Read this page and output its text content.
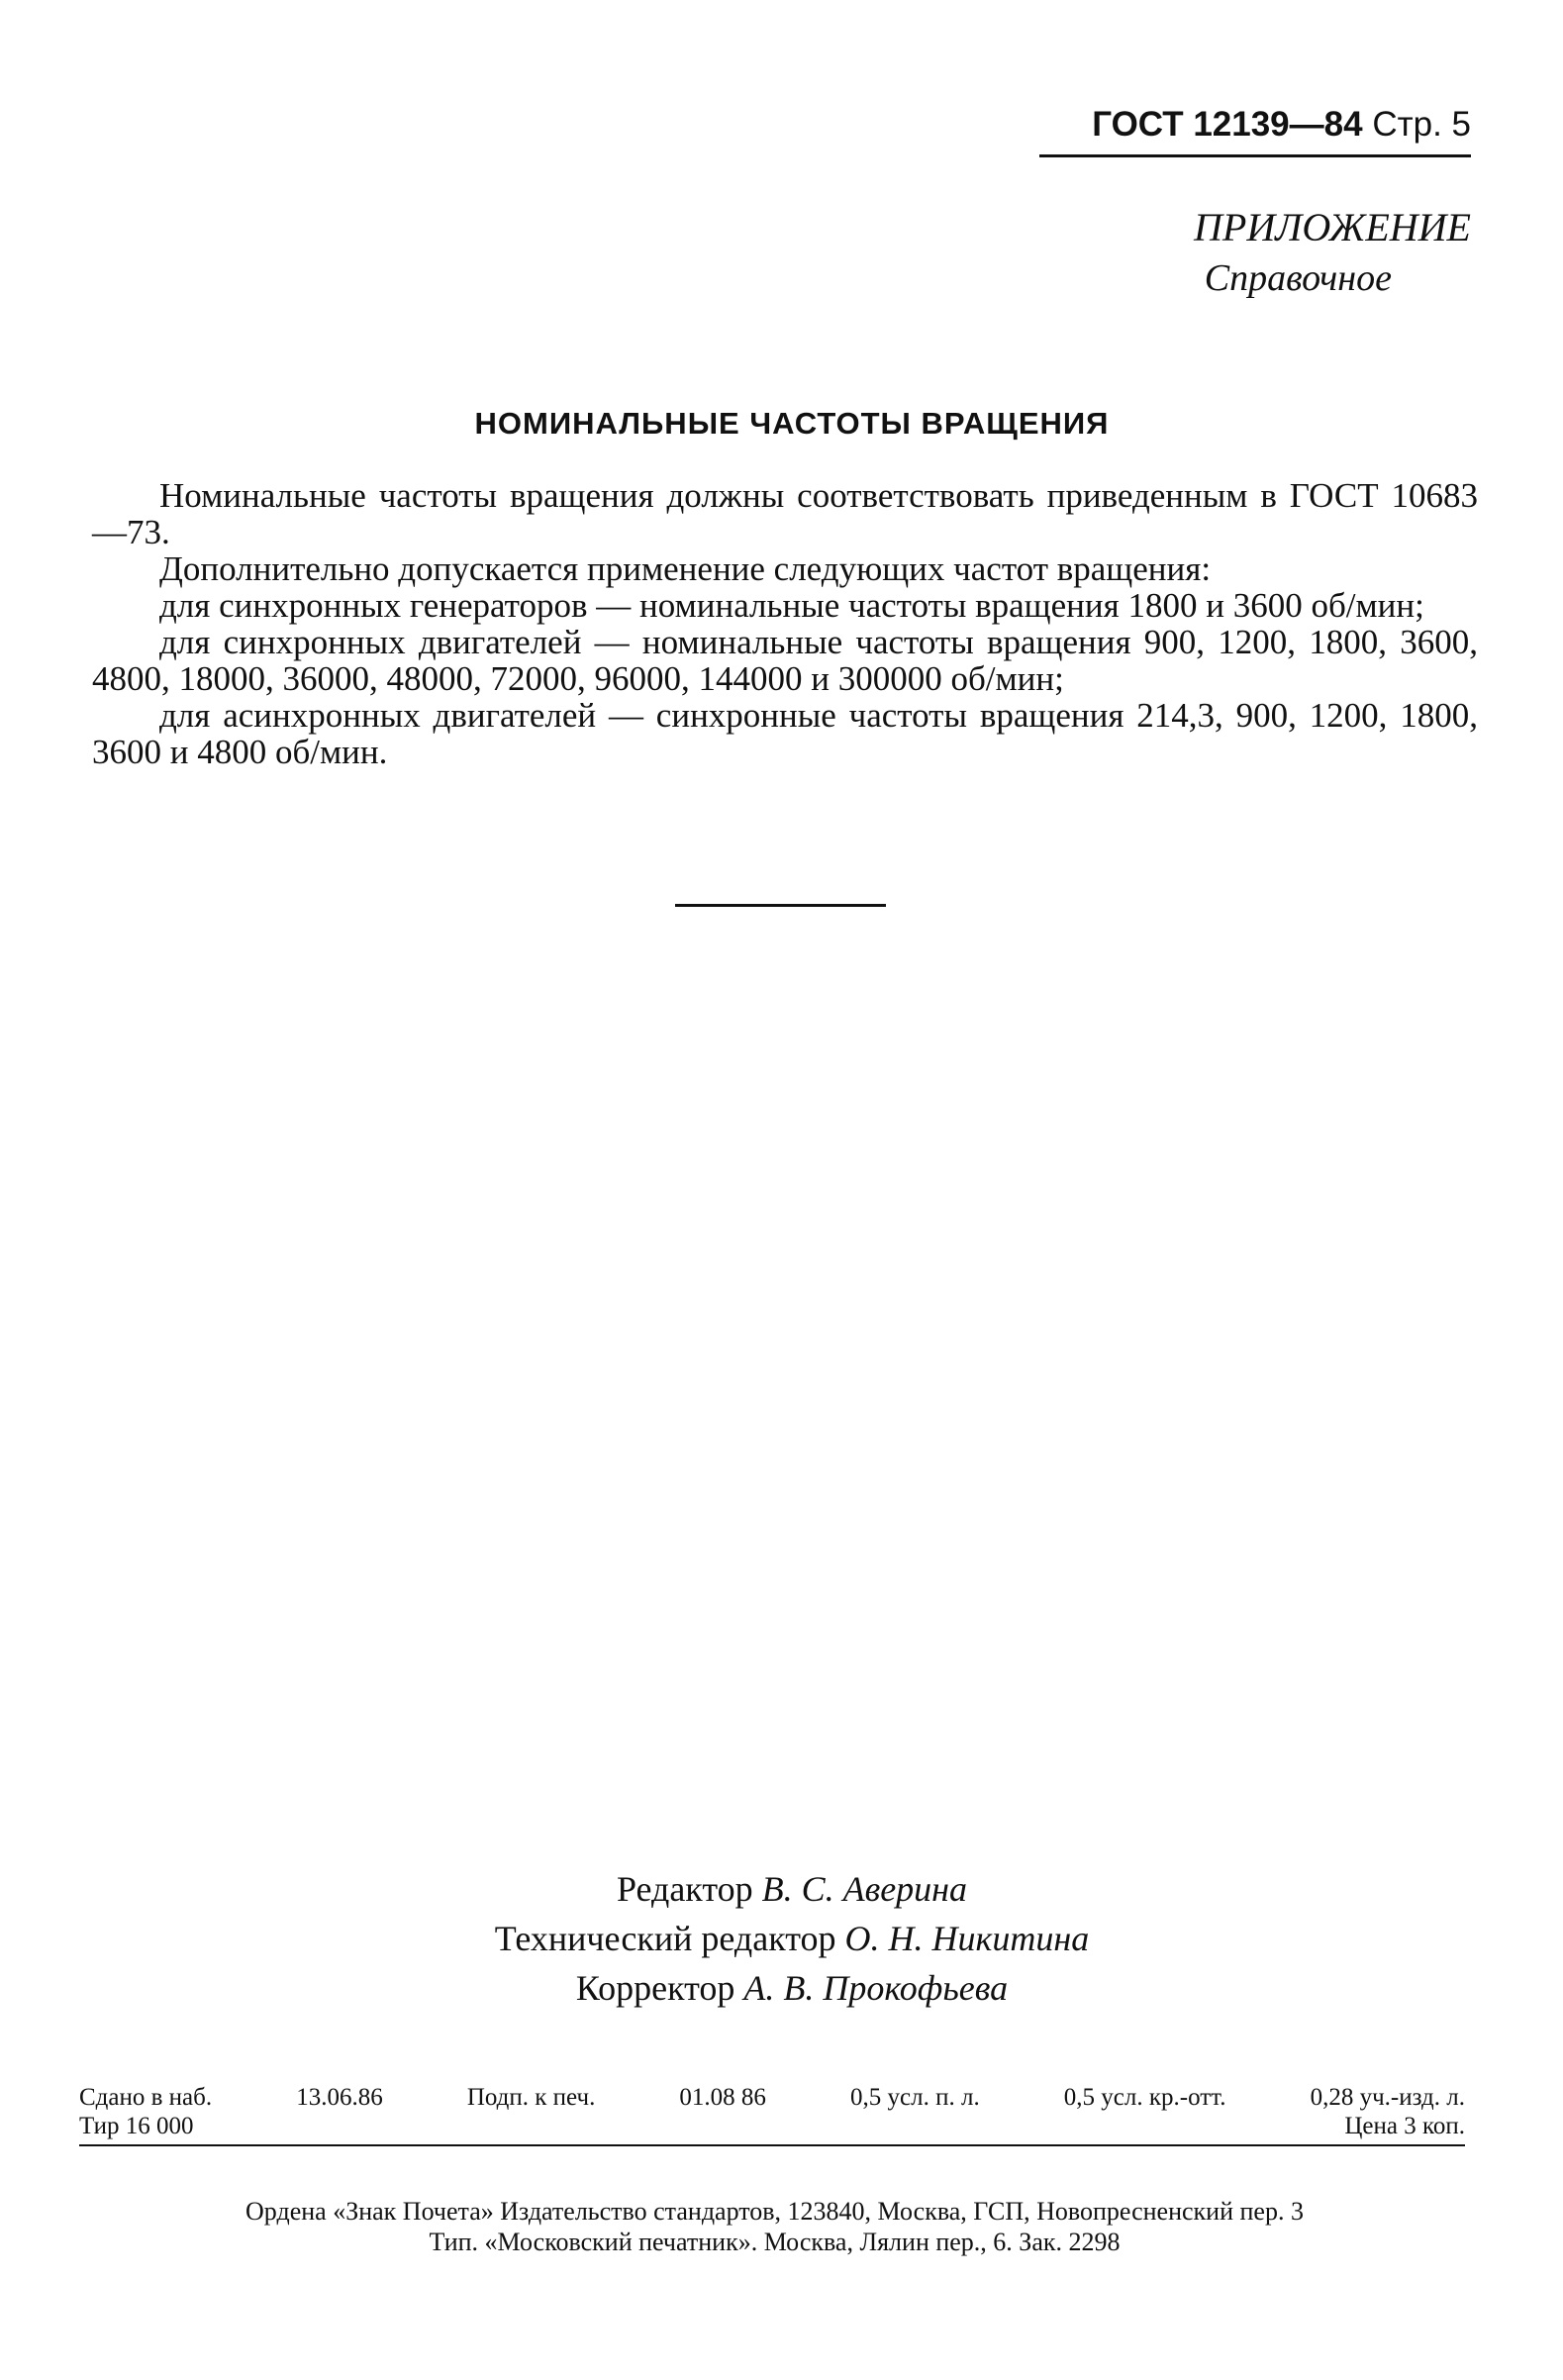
ГОСТ 12139—84 Стр. 5
ПРИЛОЖЕНИЕ
Справочное
НОМИНАЛЬНЫЕ ЧАСТОТЫ ВРАЩЕНИЯ

Номинальные частоты вращения должны соответствовать приведенным в ГОСТ 10683—73.

Дополнительно допускается применение следующих частот вращения:

для синхронных генераторов — номинальные частоты вращения 1800 и 3600 об/мин;

для синхронных двигателей — номинальные частоты вращения 900, 1200, 1800, 3600, 4800, 18000, 36000, 48000, 72000, 96000, 144000 и 300000 об/мин;

для асинхронных двигателей — синхронные частоты вращения 214,3, 900, 1200, 1800, 3600 и 4800 об/мин.

Редактор В. С. Аверина
Технический редактор О. Н. Никитина
Корректор А. В. Прокофьева
Сдано в наб.	13.06.86	Подп. к печ.	01.08 86	0,5 усл. п. л.	0,5 усл. кр.-отт.	0,28 уч.-изд. л.
Тир 16 000	Цена 3 коп.
Ордена «Знак Почета» Издательство стандартов, 123840, Москва, ГСП, Новопресненский пер. 3
Тип. «Московский печатник». Москва, Лялин пер., 6. Зак. 2298
